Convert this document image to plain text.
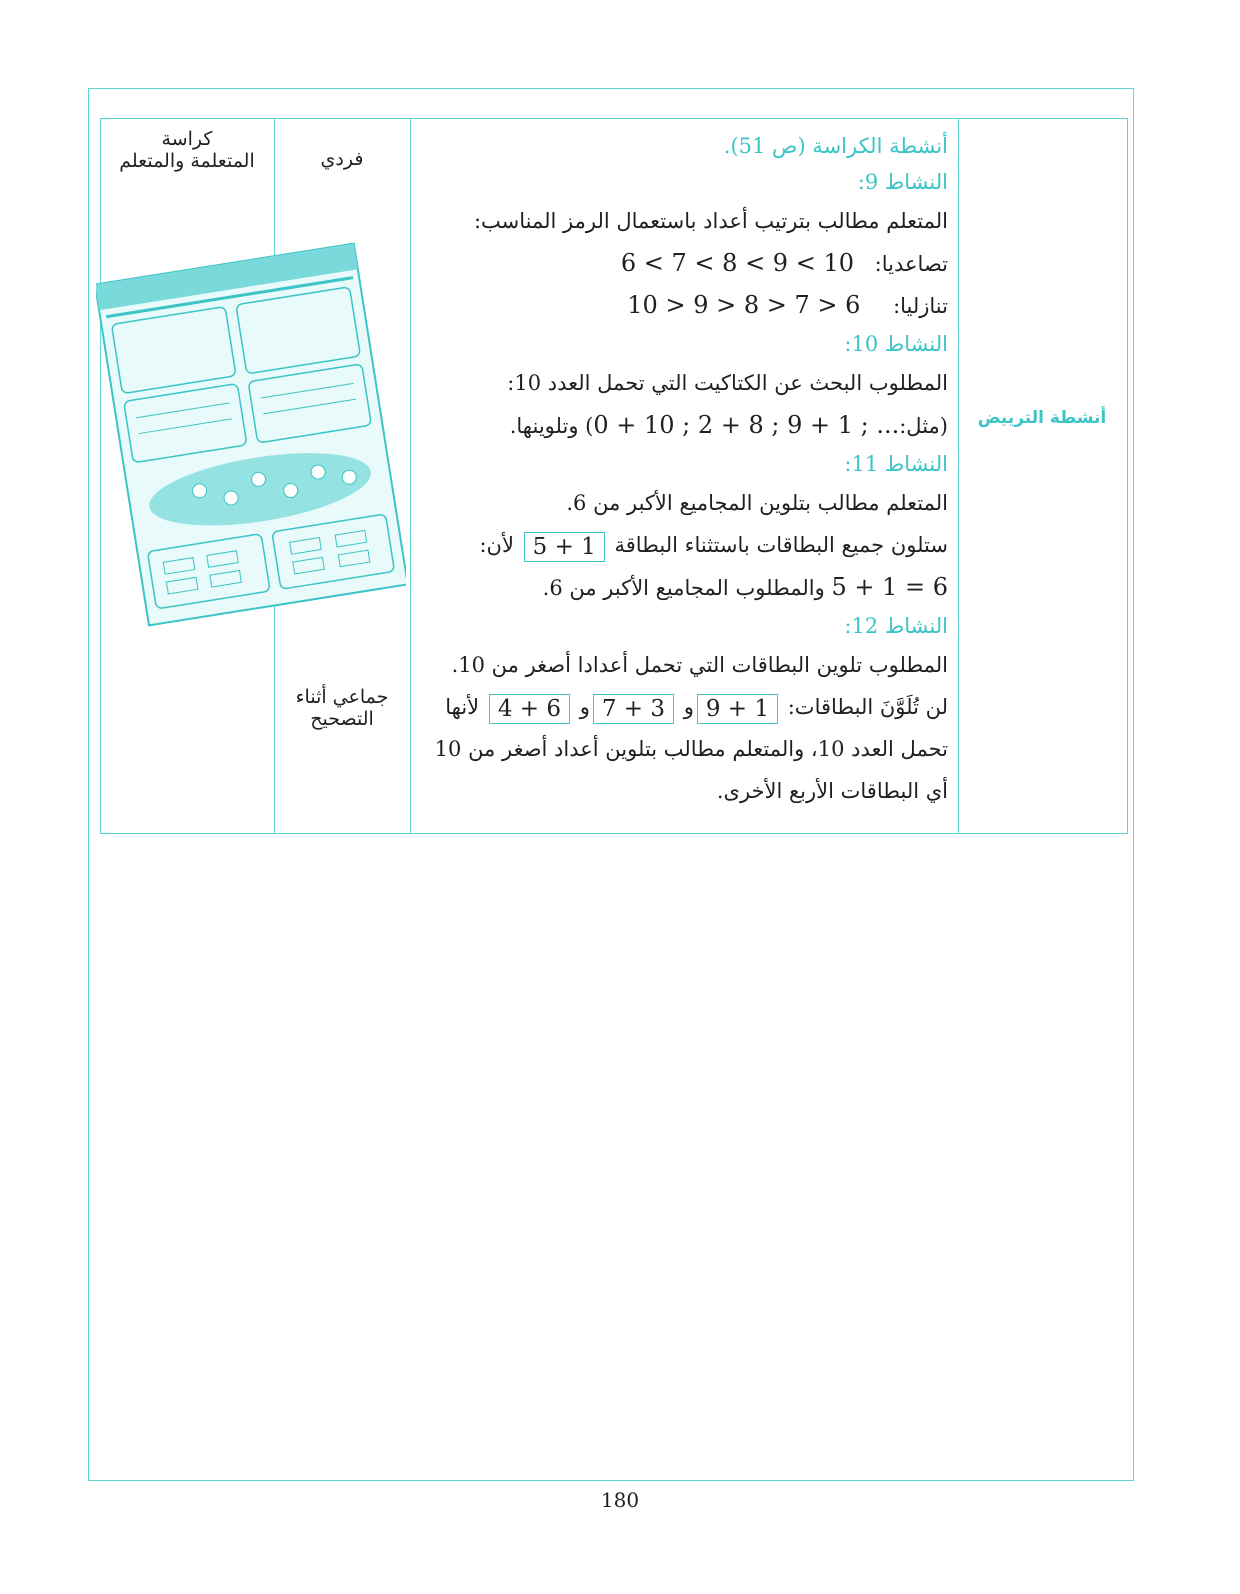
كراسة
المتعلمة والمتعلم	فردي
جماعي أثناء
التصحيح
أنشطة الترييض
أنشطة الكراسة (ص 51).
النشاط 9:
المتعلم مطالب بترتيب أعداد باستعمال الرمز المناسب:
تصاعديا: 6 < 7 < 8 < 9 < 10
تنازليا: 10 > 9 > 8 > 7 > 6
النشاط 10:
المطلوب البحث عن الكتاكيت التي تحمل العدد 10:
(مثل:0 + 10 ; 2 + 8 ; 9 + 1 ; ...) وتلوينها.
النشاط 11:
المتعلم مطالب بتلوين المجاميع الأكبر من 6.
ستلون جميع البطاقات باستثناء البطاقة 5 + 1 لأن:
5 + 1 = 6 والمطلوب المجاميع الأكبر من 6.
النشاط 12:
المطلوب تلوين البطاقات التي تحمل أعدادا أصغر من 10.
لن تُلَوَّنَ البطاقات: 9 + 1و 7 + 3و 4 + 6 لأنها
تحمل العدد 10، والمتعلم مطالب بتلوين أعداد أصغر من 10
أي البطاقات الأربع الأخرى.
180
